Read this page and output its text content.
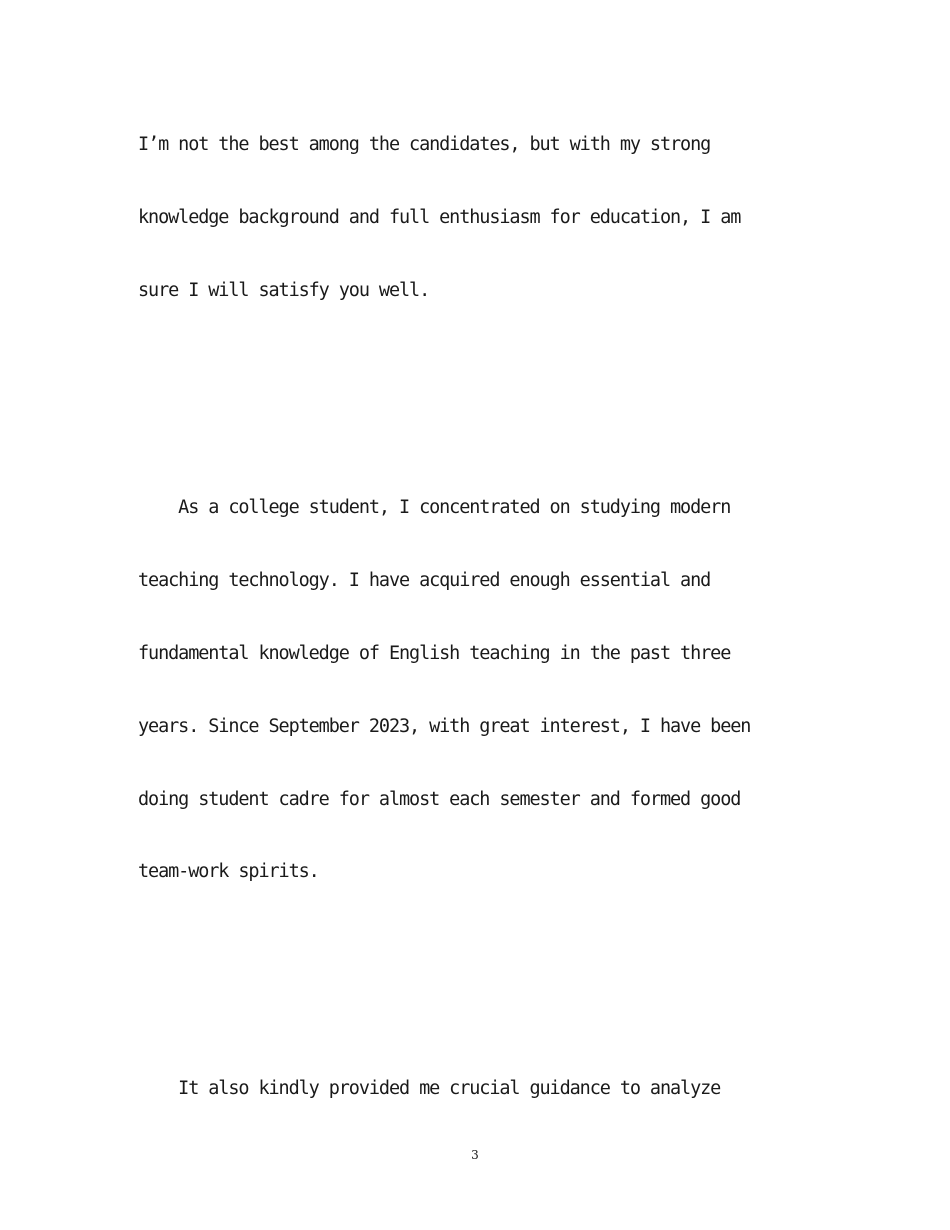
I’m not the best among the candidates, but with my strong
knowledge background and full enthusiasm for education, I am
sure I will satisfy you well.
As a college student, I concentrated on studying modern
teaching technology. I have acquired enough essential and
fundamental knowledge of English teaching in the past three
years. Since September 2023, with great interest, I have been
doing student cadre for almost each semester and formed good
team-work spirits.
It also kindly provided me crucial guidance to analyze
3
